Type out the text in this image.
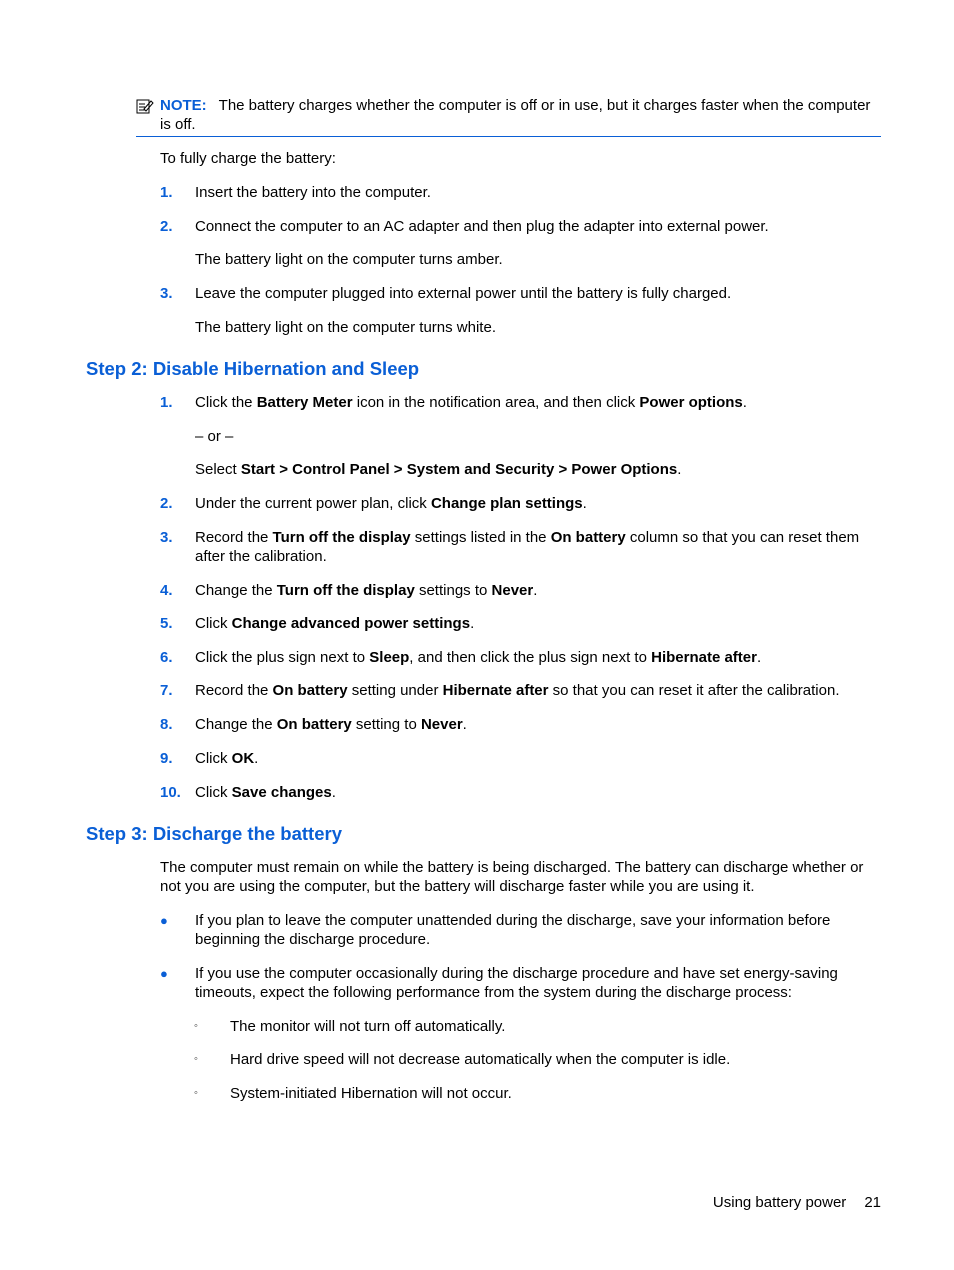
NOTE: The battery charges whether the computer is off or in use, but it charges faster when the computer is off.
To fully charge the battery:
1.	Insert the battery into the computer.
2.	Connect the computer to an AC adapter and then plug the adapter into external power.
The battery light on the computer turns amber.
3.	Leave the computer plugged into external power until the battery is fully charged.
The battery light on the computer turns white.
Step 2: Disable Hibernation and Sleep
1.	Click the Battery Meter icon in the notification area, and then click Power options.
– or –
Select Start > Control Panel > System and Security > Power Options.
2.	Under the current power plan, click Change plan settings.
3.	Record the Turn off the display settings listed in the On battery column so that you can reset them after the calibration.
4.	Change the Turn off the display settings to Never.
5.	Click Change advanced power settings.
6.	Click the plus sign next to Sleep, and then click the plus sign next to Hibernate after.
7.	Record the On battery setting under Hibernate after so that you can reset it after the calibration.
8.	Change the On battery setting to Never.
9.	Click OK.
10. Click Save changes.
Step 3: Discharge the battery
The computer must remain on while the battery is being discharged. The battery can discharge whether or not you are using the computer, but the battery will discharge faster while you are using it.
● If you plan to leave the computer unattended during the discharge, save your information before beginning the discharge procedure.
● If you use the computer occasionally during the discharge procedure and have set energy-saving timeouts, expect the following performance from the system during the discharge process:
◦ The monitor will not turn off automatically.
◦ Hard drive speed will not decrease automatically when the computer is idle.
◦ System-initiated Hibernation will not occur.
Using battery power 21
